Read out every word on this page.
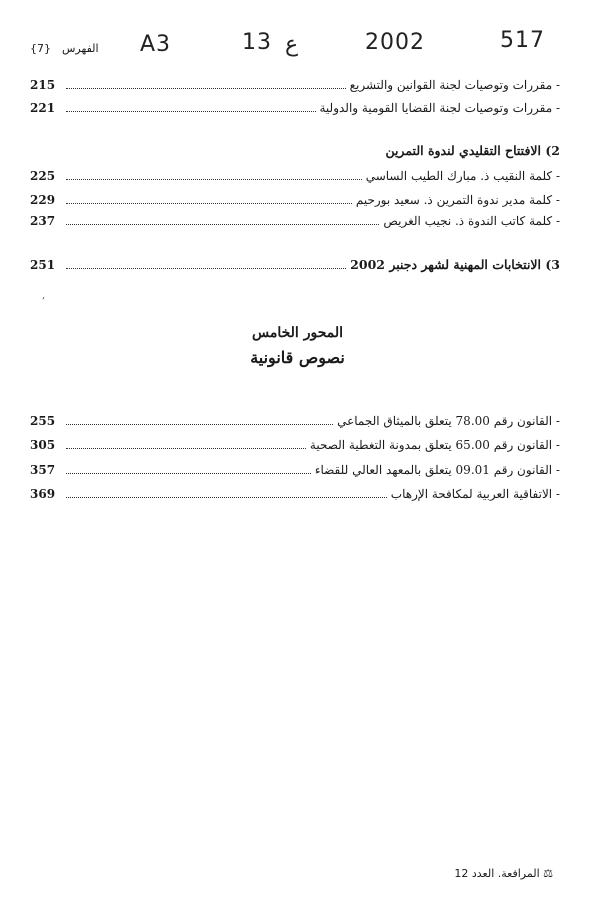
{7} الفهرس A3	13 ع	2002	517
215	- مقررات وتوصيات لجنة القوانين والتشريع
221	- مقررات وتوصيات لجنة القضايا القومية والدولية
2) الافتتاح التقليدي لندوة التمرين
225	- كلمة النقيب ذ. مبارك الطيب الساسي
229	- كلمة مدير ندوة التمرين ذ. سعيد بورحيم
237	- كلمة كاتب الندوة ذ. نجيب الغريص
251	3) الانتخابات المهنية لشهر دجنبر 2002
,
المحور الخامس
نصوص قانونية
255	- القانون رقم 78.00 يتعلق بالميثاق الجماعي
305	- القانون رقم 65.00 يتعلق بمدونة التغطية الصحية
357	- القانون رقم 09.01 يتعلق بالمعهد العالي للقضاء
369	- الاتفاقية العربية لمكافحة الإرهاب
⚖ المرافعة. العدد 12
